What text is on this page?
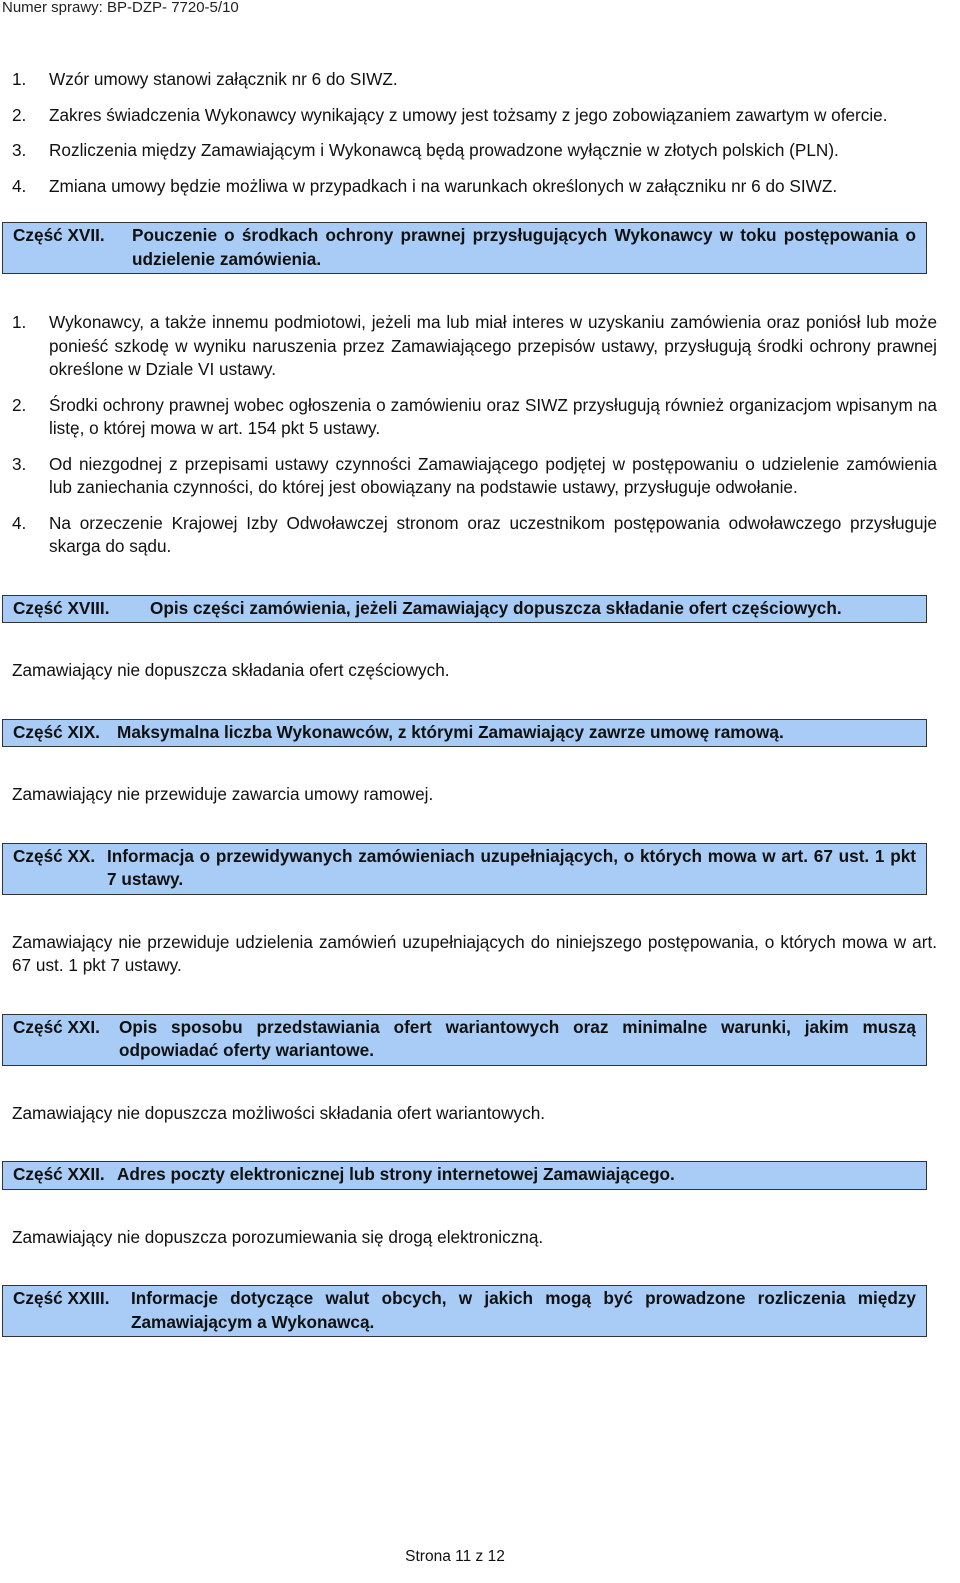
Numer sprawy: BP-DZP- 7720-5/10

1. Wzór umowy stanowi załącznik nr 6 do SIWZ.

2. Zakres świadczenia Wykonawcy wynikający z umowy jest tożsamy z jego zobowiązaniem zawartym w ofercie.

3. Rozliczenia między Zamawiającym i Wykonawcą będą prowadzone wyłącznie w złotych polskich (PLN).

4. Zmiana umowy będzie możliwa w przypadkach i na warunkach określonych w załączniku nr 6 do SIWZ.

Część XVII.	Pouczenie o środkach ochrony prawnej przysługujących Wykonawcy w toku postępowania o udzielenie zamówienia.

1. Wykonawcy, a także innemu podmiotowi, jeżeli ma lub miał interes w uzyskaniu zamówienia oraz poniósł lub może ponieść szkodę w wyniku naruszenia przez Zamawiającego przepisów ustawy, przysługują środki ochrony prawnej określone w Dziale VI ustawy.

2. Środki ochrony prawnej wobec ogłoszenia o zamówieniu oraz SIWZ przysługują również organizacjom wpisanym na listę, o której mowa w art. 154 pkt 5 ustawy.

3. Od niezgodnej z przepisami ustawy czynności Zamawiającego podjętej w postępowaniu o udzielenie zamówienia lub zaniechania czynności, do której jest obowiązany na podstawie ustawy, przysługuje odwołanie.

4. Na orzeczenie Krajowej Izby Odwoławczej stronom oraz uczestnikom postępowania odwoławczego przysługuje skarga do sądu.

Część XVIII.	Opis części zamówienia, jeżeli Zamawiający dopuszcza składanie ofert częściowych.

Zamawiający nie dopuszcza składania ofert częściowych.

Część XIX. Maksymalna liczba Wykonawców, z którymi Zamawiający zawrze umowę ramową.

Zamawiający nie przewiduje zawarcia umowy ramowej.

Część XX. Informacja o przewidywanych zamówieniach uzupełniających, o których mowa w art. 67 ust. 1 pkt 7 ustawy.

Zamawiający nie przewiduje udzielenia zamówień uzupełniających do niniejszego postępowania, o których mowa w art. 67 ust. 1 pkt 7 ustawy.

Część XXI.	Opis sposobu przedstawiania ofert wariantowych oraz minimalne warunki, jakim muszą odpowiadać oferty wariantowe.

Zamawiający nie dopuszcza możliwości składania ofert wariantowych.

Część XXII. Adres poczty elektronicznej lub strony internetowej Zamawiającego.

Zamawiający nie dopuszcza porozumiewania się drogą elektroniczną.

Część XXIII.	Informacje dotyczące walut obcych, w jakich mogą być prowadzone rozliczenia między Zamawiającym a Wykonawcą.
Strona 11 z 12
